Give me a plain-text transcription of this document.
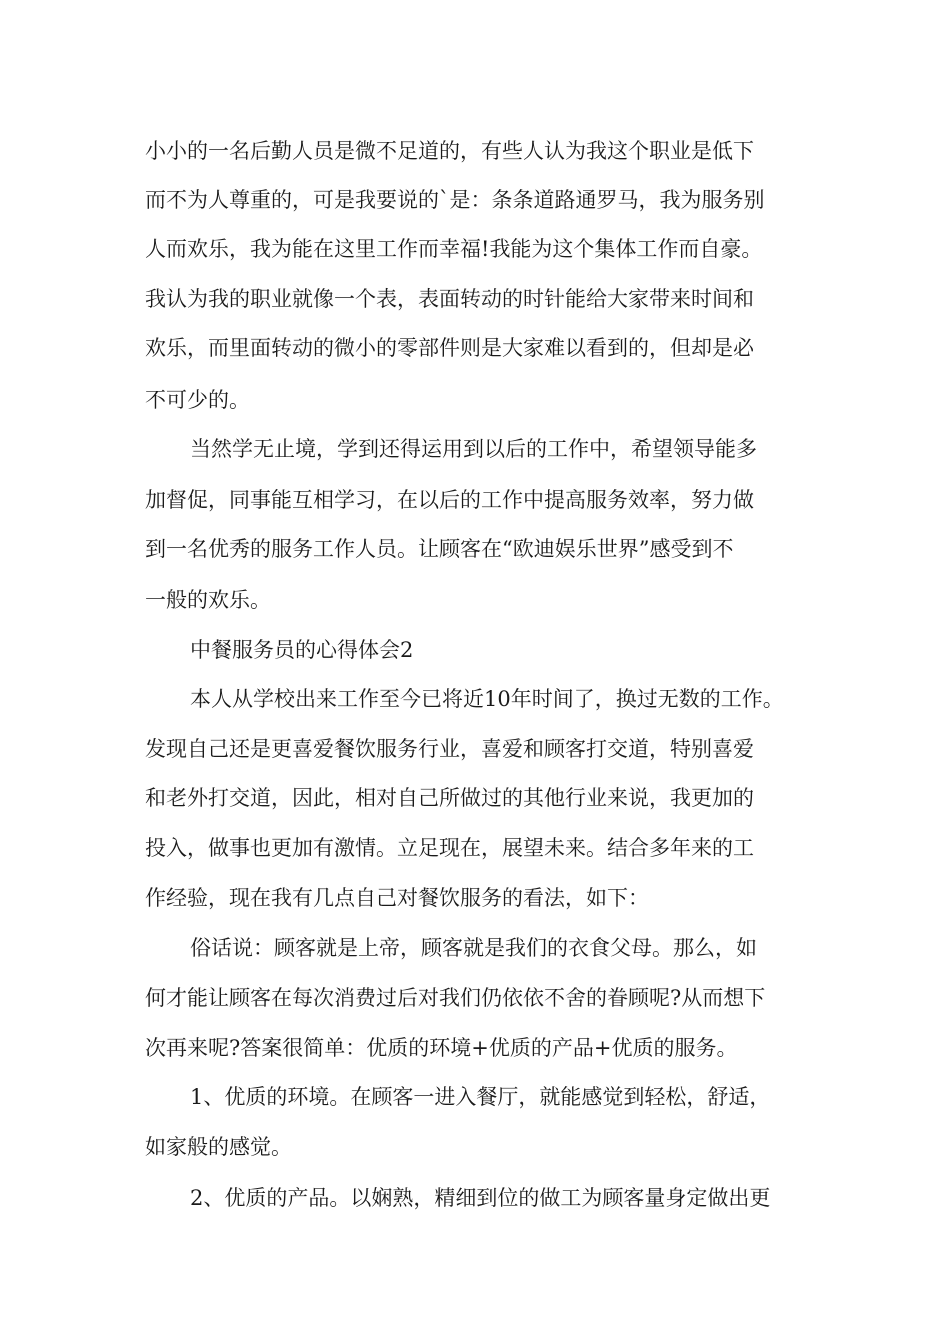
小小的一名后勤人员是微不足道的，有些人认为我这个职业是低下
而不为人尊重的，可是我要说的`是：条条道路通罗马，我为服务别
人而欢乐，我为能在这里工作而幸福!我能为这个集体工作而自豪。
我认为我的职业就像一个表，表面转动的时针能给大家带来时间和
欢乐，而里面转动的微小的零部件则是大家难以看到的，但却是必
不可少的。
当然学无止境，学到还得运用到以后的工作中，希望领导能多
加督促，同事能互相学习，在以后的工作中提高服务效率，努力做
到一名优秀的服务工作人员。让顾客在“欧迪娱乐世界”感受到不
一般的欢乐。
中餐服务员的心得体会2
本人从学校出来工作至今已将近10年时间了，换过无数的工作。
发现自己还是更喜爱餐饮服务行业，喜爱和顾客打交道，特别喜爱
和老外打交道，因此，相对自己所做过的其他行业来说，我更加的
投入，做事也更加有激情。立足现在，展望未来。结合多年来的工
作经验，现在我有几点自己对餐饮服务的看法，如下：
俗话说：顾客就是上帝，顾客就是我们的衣食父母。那么，如
何才能让顾客在每次消费过后对我们仍依依不舍的眷顾呢?从而想下
次再来呢?答案很简单：优质的环境+优质的产品+优质的服务。
1、优质的环境。在顾客一进入餐厅，就能感觉到轻松，舒适，
如家般的感觉。
2、优质的产品。以娴熟，精细到位的做工为顾客量身定做出更
